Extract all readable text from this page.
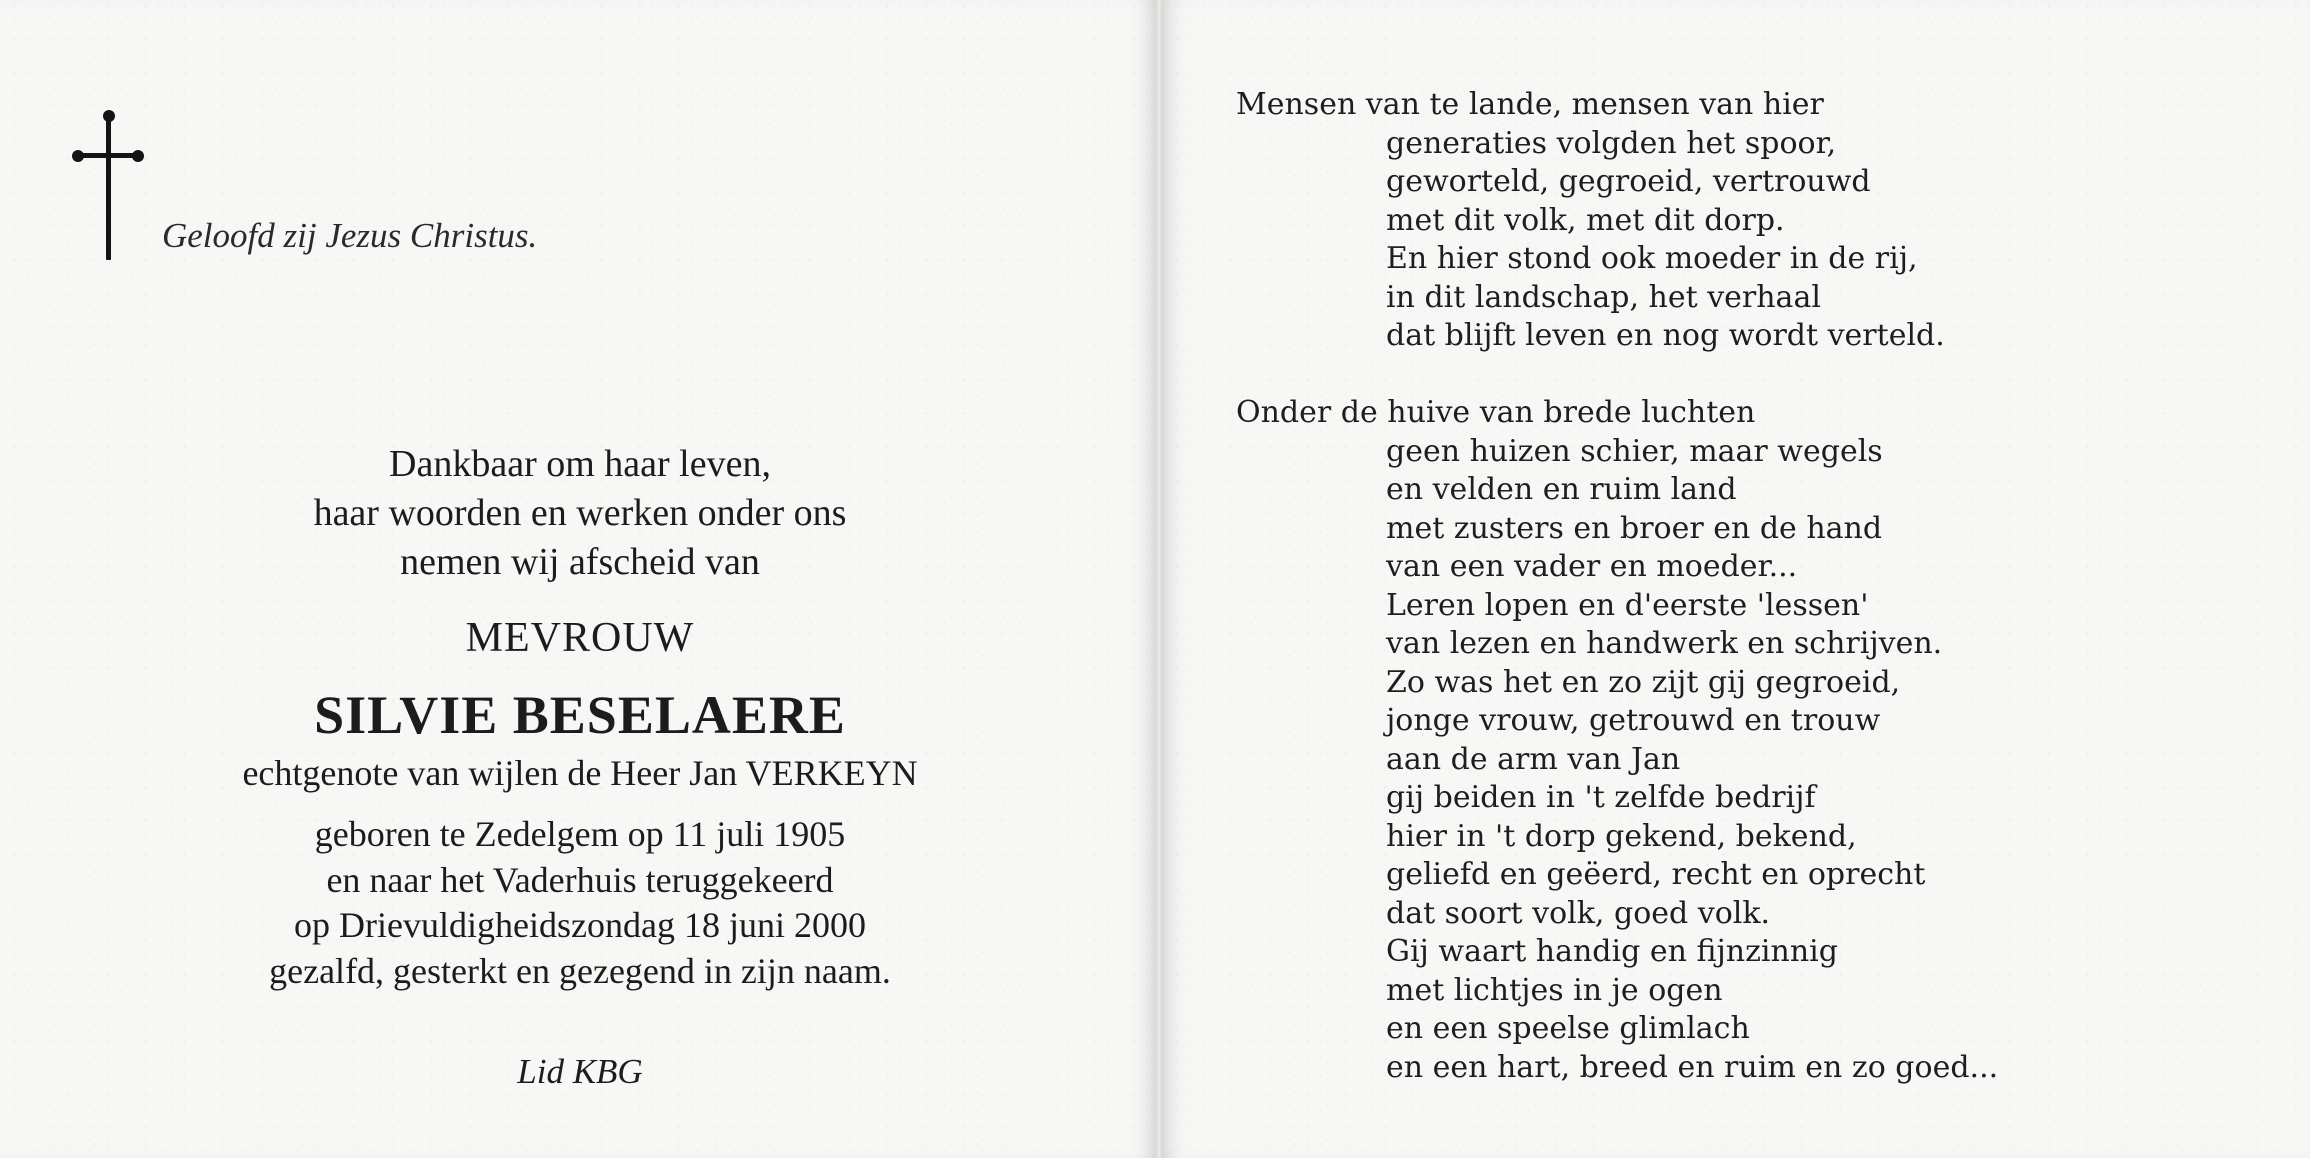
Geloofd zij Jezus Christus.
Dankbaar om haar leven,
haar woorden en werken onder ons
nemen wij afscheid van
MEVROUW
SILVIE BESELAERE
echtgenote van wijlen de Heer Jan VERKEYN
geboren te Zedelgem op 11 juli 1905
en naar het Vaderhuis teruggekeerd
op Drievuldigheidszondag 18 juni 2000
gezalfd, gesterkt en gezegend in zijn naam.
Lid KBG
Mensen van te lande, mensen van hier
generaties volgden het spoor,
geworteld, gegroeid, vertrouwd
met dit volk, met dit dorp.
En hier stond ook moeder in de rij,
in dit landschap, het verhaal
dat blijft leven en nog wordt verteld.
Onder de huive van brede luchten
geen huizen schier, maar wegels
en velden en ruim land
met zusters en broer en de hand
van een vader en moeder...
Leren lopen en d'eerste 'lessen'
van lezen en handwerk en schrijven.
Zo was het en zo zijt gij gegroeid,
jonge vrouw, getrouwd en trouw
aan de arm van Jan
gij beiden in 't zelfde bedrijf
hier in 't dorp gekend, bekend,
geliefd en geëerd, recht en oprecht
dat soort volk, goed volk.
Gij waart handig en fijnzinnig
met lichtjes in je ogen
en een speelse glimlach
en een hart, breed en ruim en zo goed...
